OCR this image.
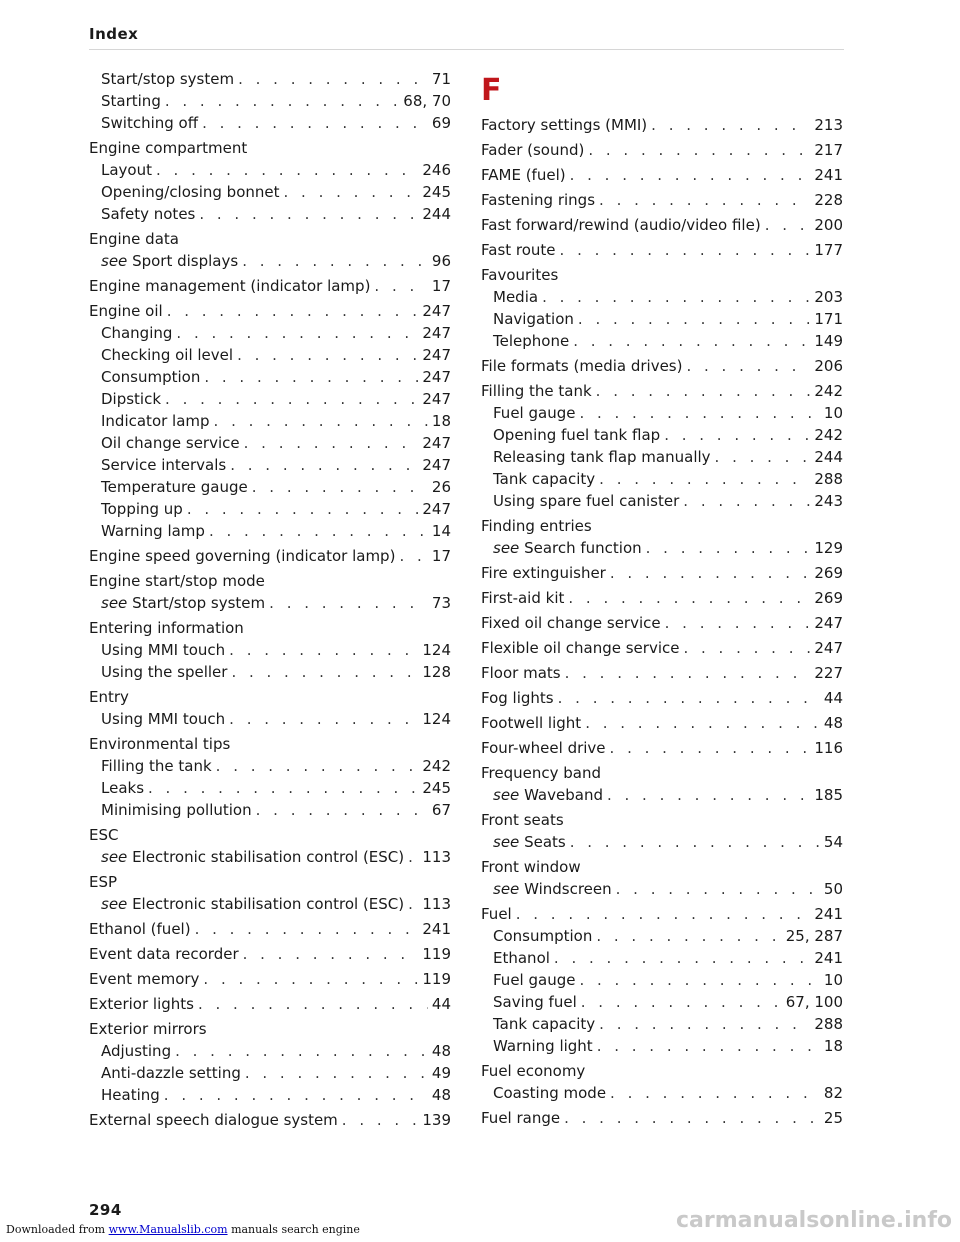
Index
Start/stop system . . .	71
Starting . . .	68, 70
Switching off . . .	69
Engine compartment
Layout . . .	246
Opening/closing bonnet . . .	245
Safety notes . . .	244
Engine data
see Sport displays . . .	96
Engine management (indicator lamp) . . .	17
Engine oil . . .	247
Changing . . .	247
Checking oil level . . .	247
Consumption . . .	247
Dipstick . . .	247
Indicator lamp . . .	18
Oil change service . . .	247
Service intervals . . .	247
Temperature gauge . . .	26
Topping up . . .	247
Warning lamp . . .	14
Engine speed governing (indicator lamp) . . . 17
Engine start/stop mode
see Start/stop system . . .	73
Entering information
Using MMI touch . . .	124
Using the speller . . .	128
Entry
Using MMI touch . . .	124
Environmental tips
Filling the tank . . .	242
Leaks . . .	245
Minimising pollution . . .	67
ESC
see Electronic stabilisation control (ESC) . . . 113
ESP
see Electronic stabilisation control (ESC) . . . 113
Ethanol (fuel) . . .	241
Event data recorder . . .	119
Event memory . . .	119
Exterior lights . . .	44
Exterior mirrors
Adjusting . . .	48
Anti-dazzle setting . . .	49
Heating . . .	48
External speech dialogue system . . .	139
F
Factory settings (MMI) . . .	213
Fader (sound) . . .	217
FAME (fuel) . . .	241
Fastening rings . . .	228
Fast forward/rewind (audio/video file) . . .	200
Fast route . . .	177
Favourites
Media . . .	203
Navigation . . .	171
Telephone . . .	149
File formats (media drives) . . .	206
Filling the tank . . .	242
Fuel gauge . . .	10
Opening fuel tank flap . . .	242
Releasing tank flap manually . . .	244
Tank capacity . . .	288
Using spare fuel canister . . .	243
Finding entries
see Search function . . .	129
Fire extinguisher . . .	269
First-aid kit . . .	269
Fixed oil change service . . .	247
Flexible oil change service . . .	247
Floor mats . . .	227
Fog lights . . .	44
Footwell light . . .	48
Four-wheel drive . . .	116
Frequency band
see Waveband . . .	185
Front seats
see Seats . . .	54
Front window
see Windscreen . . .	50
Fuel . . .	241
Consumption . . .	25, 287
Ethanol . . .	241
Fuel gauge . . .	10
Saving fuel . . .	67, 100
Tank capacity . . .	288
Warning light . . .	18
Fuel economy
Coasting mode . . .	82
Fuel range . . .	25
294
Downloaded from www.Manualslib.com manuals search engine	carmanualsonline.info
